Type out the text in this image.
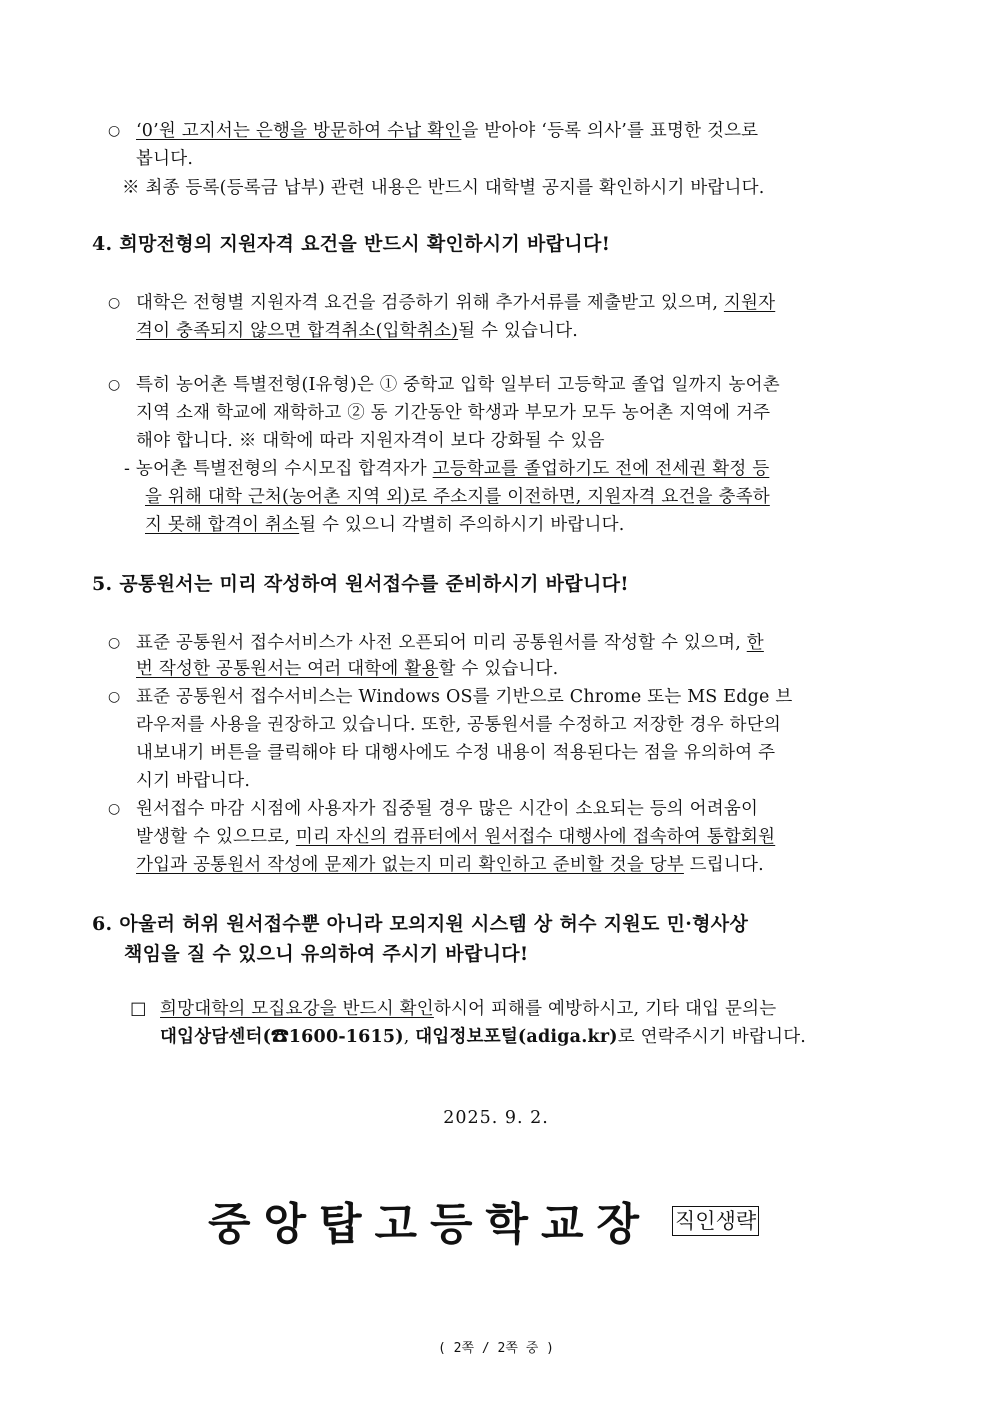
○ ‘0’원 고지서는 은행을 방문하여 수납 확인을 받아야 ‘등록 의사’를 표명한 것으로
봅니다.
※ 최종 등록(등록금 납부) 관련 내용은 반드시 대학별 공지를 확인하시기 바랍니다.
4. 희망전형의 지원자격 요건을 반드시 확인하시기 바랍니다!
○ 대학은 전형별 지원자격 요건을 검증하기 위해 추가서류를 제출받고 있으며, 지원자
격이 충족되지 않으면 합격취소(입학취소)될 수 있습니다.
○ 특히 농어촌 특별전형(I유형)은 ① 중학교 입학 일부터 고등학교 졸업 일까지 농어촌
지역 소재 학교에 재학하고 ② 동 기간동안 학생과 부모가 모두 농어촌 지역에 거주
해야 합니다. ※ 대학에 따라 지원자격이 보다 강화될 수 있음
- 농어촌 특별전형의 수시모집 합격자가 고등학교를 졸업하기도 전에 전세권 확정 등
을 위해 대학 근처(농어촌 지역 외)로 주소지를 이전하면, 지원자격 요건을 충족하
지 못해 합격이 취소될 수 있으니 각별히 주의하시기 바랍니다.
5. 공통원서는 미리 작성하여 원서접수를 준비하시기 바랍니다!
○ 표준 공통원서 접수서비스가 사전 오픈되어 미리 공통원서를 작성할 수 있으며, 한
번 작성한 공통원서는 여러 대학에 활용할 수 있습니다.
○ 표준 공통원서 접수서비스는 Windows OS를 기반으로 Chrome 또는 MS Edge 브
라우저를 사용을 권장하고 있습니다. 또한, 공통원서를 수정하고 저장한 경우 하단의
내보내기 버튼을 클릭해야 타 대행사에도 수정 내용이 적용된다는 점을 유의하여 주
시기 바랍니다.
○ 원서접수 마감 시점에 사용자가 집중될 경우 많은 시간이 소요되는 등의 어려움이
발생할 수 있으므로, 미리 자신의 컴퓨터에서 원서접수 대행사에 접속하여 통합회원
가입과 공통원서 작성에 문제가 없는지 미리 확인하고 준비할 것을 당부 드립니다.
6. 아울러 허위 원서접수뿐 아니라 모의지원 시스템 상 허수 지원도 민·형사상
책임을 질 수 있으니 유의하여 주시기 바랍니다!
□ 희망대학의 모집요강을 반드시 확인하시어 피해를 예방하시고, 기타 대입 문의는
대입상담센터(☎1600-1615), 대입정보포털(adiga.kr)로 연락주시기 바랍니다.
2025. 9. 2.
중앙탑고등학교장 직인생략
( 2쪽 / 2쪽 중 )
